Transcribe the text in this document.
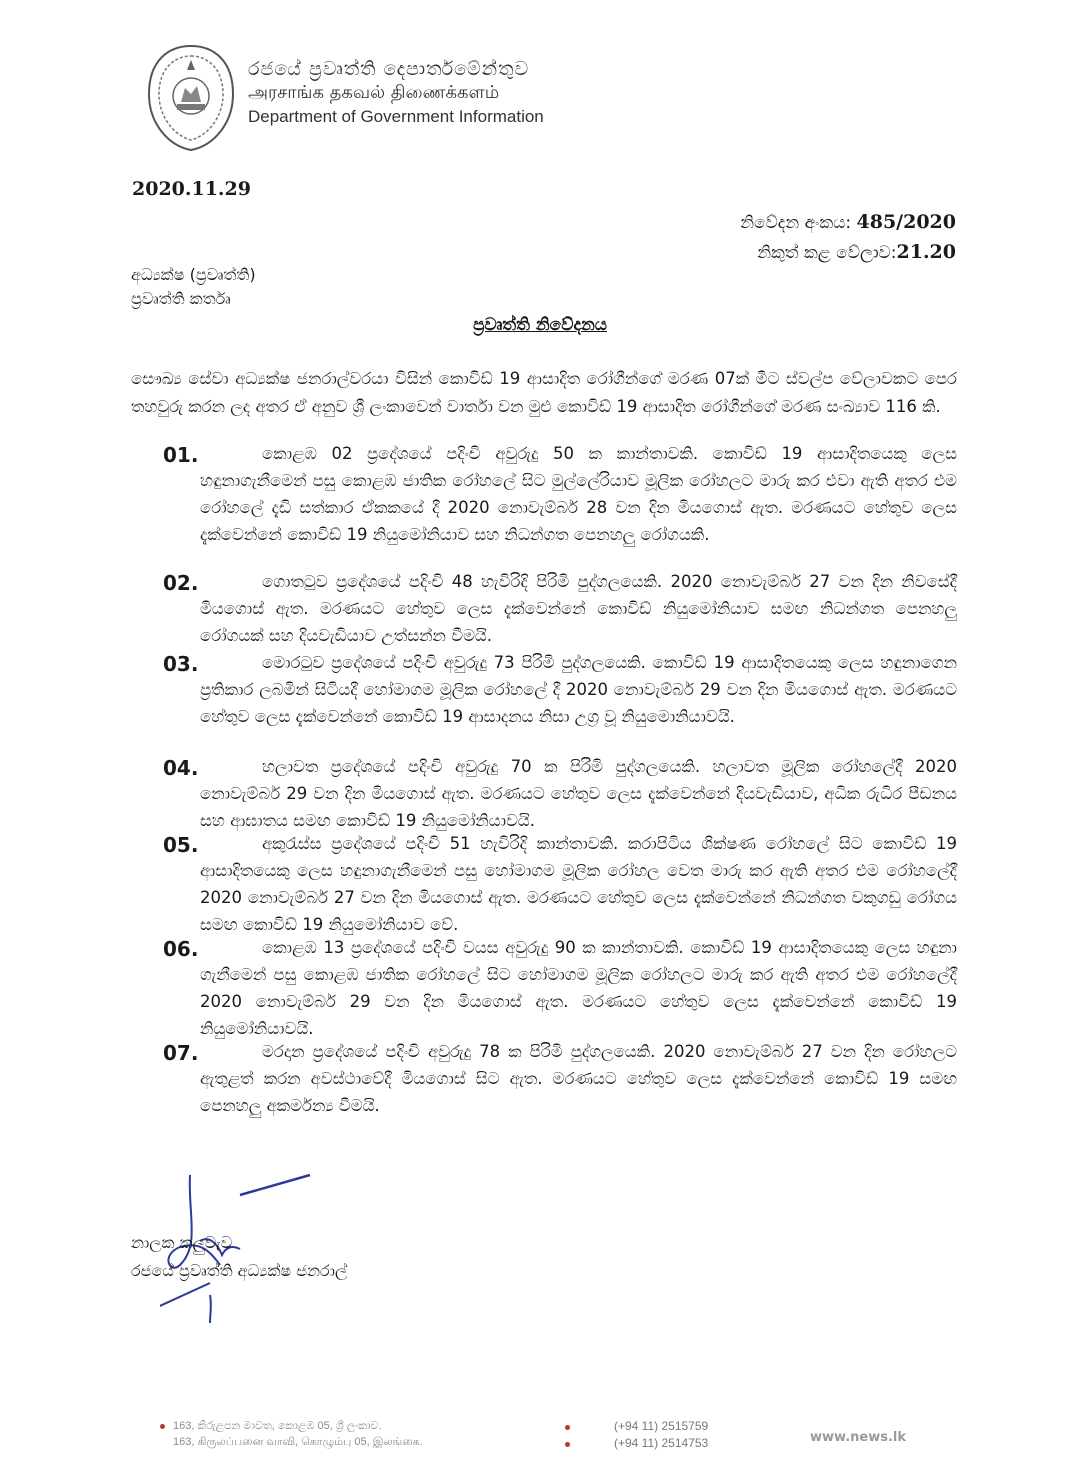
රජයේ ප්‍රවෘත්ති දෙපාර්තමේන්තුව
அரசாங்க தகவல் திணைக்களம்
Department of Government Information
2020.11.29
නිවේදන අංකය: 485/2020
නිකුත් කළ වේලාව:21.20
අධ්‍යක්ෂ (ප්‍රවෘත්ති)
ප්‍රවෘත්ති කර්තෘ
ප්‍රවෘත්ති නිවේදනය
සෞඛ්‍ය සේවා අධ්‍යක්ෂ ජනරාල්වරයා විසින් කොවිඩ් 19 ආසාදිත රෝගීන්ගේ මරණ 07ක් මීට ස්වල්ප වේලාවකට පෙර තහවුරු කරන ලද අතර ඒ අනුව ශ්‍රී ලංකාවෙන් වාර්තා වන මුළු කොවිඩ් 19 ආසාදිත රෝගීන්ගේ මරණ සංඛ්‍යාව 116 කි.
01.	කොළඹ 02 ප්‍රදේශයේ පදිංචි අවුරුදු 50 ක කාන්තාවකි. කොවිඩ් 19 ආසාදිතයෙකු ලෙස හඳුනාගැනීමෙන් පසු කොළඹ ජාතික රෝහලේ සිට මුල්ලේරියාව මූලික රෝහලට මාරු කර එවා ඇති අතර එම රෝහලේ දැඩි සත්කාර ඒකකයේ දී 2020 නොවැම්බර් 28 වන දින මියගොස් ඇත. මරණයට හේතුව ලෙස දැක්වෙන්නේ කොවිඩ් 19 නියුමෝනියාව සහ නිධන්ගත පෙනහලු රෝගයකි.
02.	ගොතටුව ප්‍රදේශයේ පදිංචි 48 හැවිරිදි පිරිමි පුද්ගලයෙකි. 2020 නොවැම්බර් 27 වන දින නිවසේදී මියගොස් ඇත. මරණයට හේතුව ලෙස දැක්වෙන්නේ කොවිඩ් නියුමෝනියාව සමඟ නිධන්ගත පෙනහලු රෝගයක් සහ දියවැඩියාව උත්සන්න වීමයි.
03.	මොරටුව ප්‍රදේශයේ පදිංචි අවුරුදු 73 පිරිමි පුද්ගලයෙකි. කොවිඩ් 19 ආසාදිතයෙකු ලෙස හඳුනාගෙන ප්‍රතිකාර ලබමින් සිටියදී හෝමාගම මූලික රෝහලේ දී 2020 නොවැම්බර් 29 වන දින මියගොස් ඇත. මරණයට හේතුව ලෙස දැක්වෙන්නේ කොවිඩ් 19 ආසාදනය නිසා උග්‍ර වූ නියුමොනියාවයි.
04.	හලාවත ප්‍රදේශයේ පදිංචි අවුරුදු 70 ක පිරිමි පුද්ගලයෙකි. හලාවත මූලික රෝහලේදී 2020 නොවැම්බර් 29 වන දින මියගොස් ඇත. මරණයට හේතුව ලෙස දැක්වෙන්නේ දියවැඩියාව, අධික රුධිර පීඩනය සහ ආඝාතය සමඟ කොවිඩ් 19 නියුමෝනියාවයි.
05.	අකුරැස්ස ප්‍රදේශයේ පදිංචි 51 හැවිරිදි කාන්තාවකි. කරාපිටිය ශික්ෂණ රෝහලේ සිට කොවිඩ් 19 ආසාදිතයෙකු ලෙස හඳුනාගැනීමෙන් පසු හෝමාගම මූලික රෝහල වෙත මාරු කර ඇති අතර එම රෝහලේදී 2020 නොවැම්බර් 27 වන දින මියගොස් ඇත. මරණයට හේතුව ලෙස දැක්වෙන්නේ නිධන්ගත වකුගඩු රෝගය සමඟ කොවිඩ් 19 නියුමෝනියාව වේ.
06.	කොළඹ 13 ප්‍රදේශයේ පදිංචි වයස අවුරුදු 90 ක කාන්තාවකි. කොවිඩ් 19 ආසාදිතයෙකු ලෙස හඳුනා ගැනීමෙන් පසු කොළඹ ජාතික රෝහලේ සිට හෝමාගම මූලික රෝහලට මාරු කර ඇති අතර එම රෝහලේදී 2020 නොවැම්බර් 29 වන දින මියගොස් ඇත. මරණයට හේතුව ලෙස දැක්වෙන්නේ කොවිඩ් 19 නියුමෝනියාවයි.
07.	මරදාන ප්‍රදේශයේ පදිංචි අවුරුදු 78 ක පිරිමි පුද්ගලයෙකි. 2020 නොවැම්බර් 27 වන දින රෝහලට ඇතුළත් කරන අවස්ථාවේදී මියගොස් සිට ඇත. මරණයට හේතුව ලෙස දැක්වෙන්නේ කොවිඩ් 19 සමඟ පෙනහලු අකර්මන්‍ය වීමයි.
නාලක කලුවැව
රජයේ ප්‍රවෘත්ති අධ්‍යක්ෂ ජනරාල්
163, කිරුළපන මාවත, කොළඹ 05, ශ්‍රී ලංකාව.
163, கிருலப்பனை வாவி, கொழும்பு 05, இலங்கை.
(+94 11) 2515759
(+94 11) 2514753	www.news.lk
